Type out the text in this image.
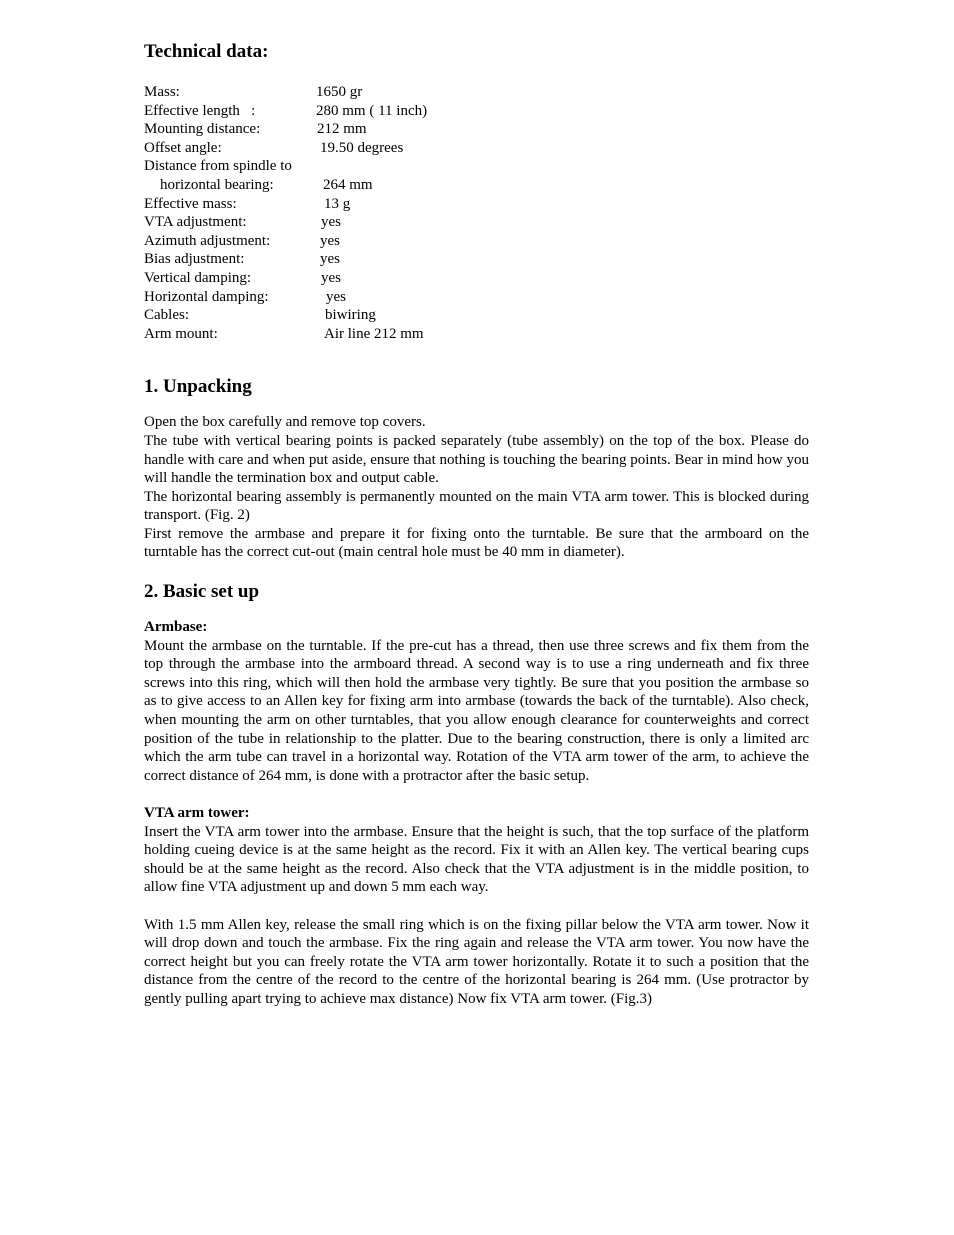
Technical data:
Mass:	1650 gr
Effective length   :	280 mm ( 11 inch)
Mounting distance:	212 mm
Offset angle:	19.50 degrees
Distance from spindle to
horizontal bearing:	264 mm
Effective mass:	13 g
VTA adjustment:	yes
Azimuth adjustment:	yes
Bias adjustment:	yes
Vertical damping:	yes
Horizontal damping:	yes
Cables:	biwiring
Arm mount:	Air line 212 mm
1. Unpacking

Open the box carefully and remove top covers.

The tube with vertical bearing points is packed separately (tube assembly) on the top of the box. Please do handle with care and when put aside, ensure that nothing is touching the bearing points. Bear in mind how you will handle the termination box and output cable.

The horizontal bearing assembly is permanently mounted on the main VTA arm tower. This is blocked during transport. (Fig. 2)

First remove the armbase and prepare it for fixing onto the turntable. Be sure that the armboard on the turntable has the correct cut-out (main central hole must be 40 mm in diameter).

2. Basic set up
Armbase:

Mount the armbase on the turntable. If the pre-cut has a thread, then use three screws and fix them from the top through the armbase into the armboard thread. A second way is to use a ring underneath and fix three screws into this ring, which will then hold the armbase very tightly. Be sure that you position the armbase so as to give access to an Allen key for fixing arm into armbase (towards the back of the turntable). Also check, when mounting the arm on other turntables, that you allow enough clearance for counterweights and correct position of the tube in relationship to the platter. Due to the bearing construction, there is only a limited arc which the arm tube can travel in a horizontal way. Rotation of the VTA arm tower of the arm, to achieve the correct distance of 264 mm, is done with a protractor after the basic setup.

VTA arm tower:

Insert the VTA arm tower into the armbase. Ensure that the height is such, that the top surface of the platform holding cueing device is at the same height as the record. Fix it with an Allen key. The vertical bearing cups should be at the same height as the record. Also check that the VTA adjustment is in the middle position, to allow fine VTA adjustment up and down 5 mm each way.

With 1.5 mm Allen key, release the small ring which is on the fixing pillar below the VTA arm tower. Now it will drop down and touch the armbase. Fix the ring again and release the VTA arm tower. You now have the correct height but you can freely rotate the VTA arm tower horizontally. Rotate it to such a position that the distance from the centre of the record to the centre of the horizontal bearing is 264 mm. (Use protractor by gently pulling apart trying to achieve max distance) Now fix VTA arm tower. (Fig.3)
